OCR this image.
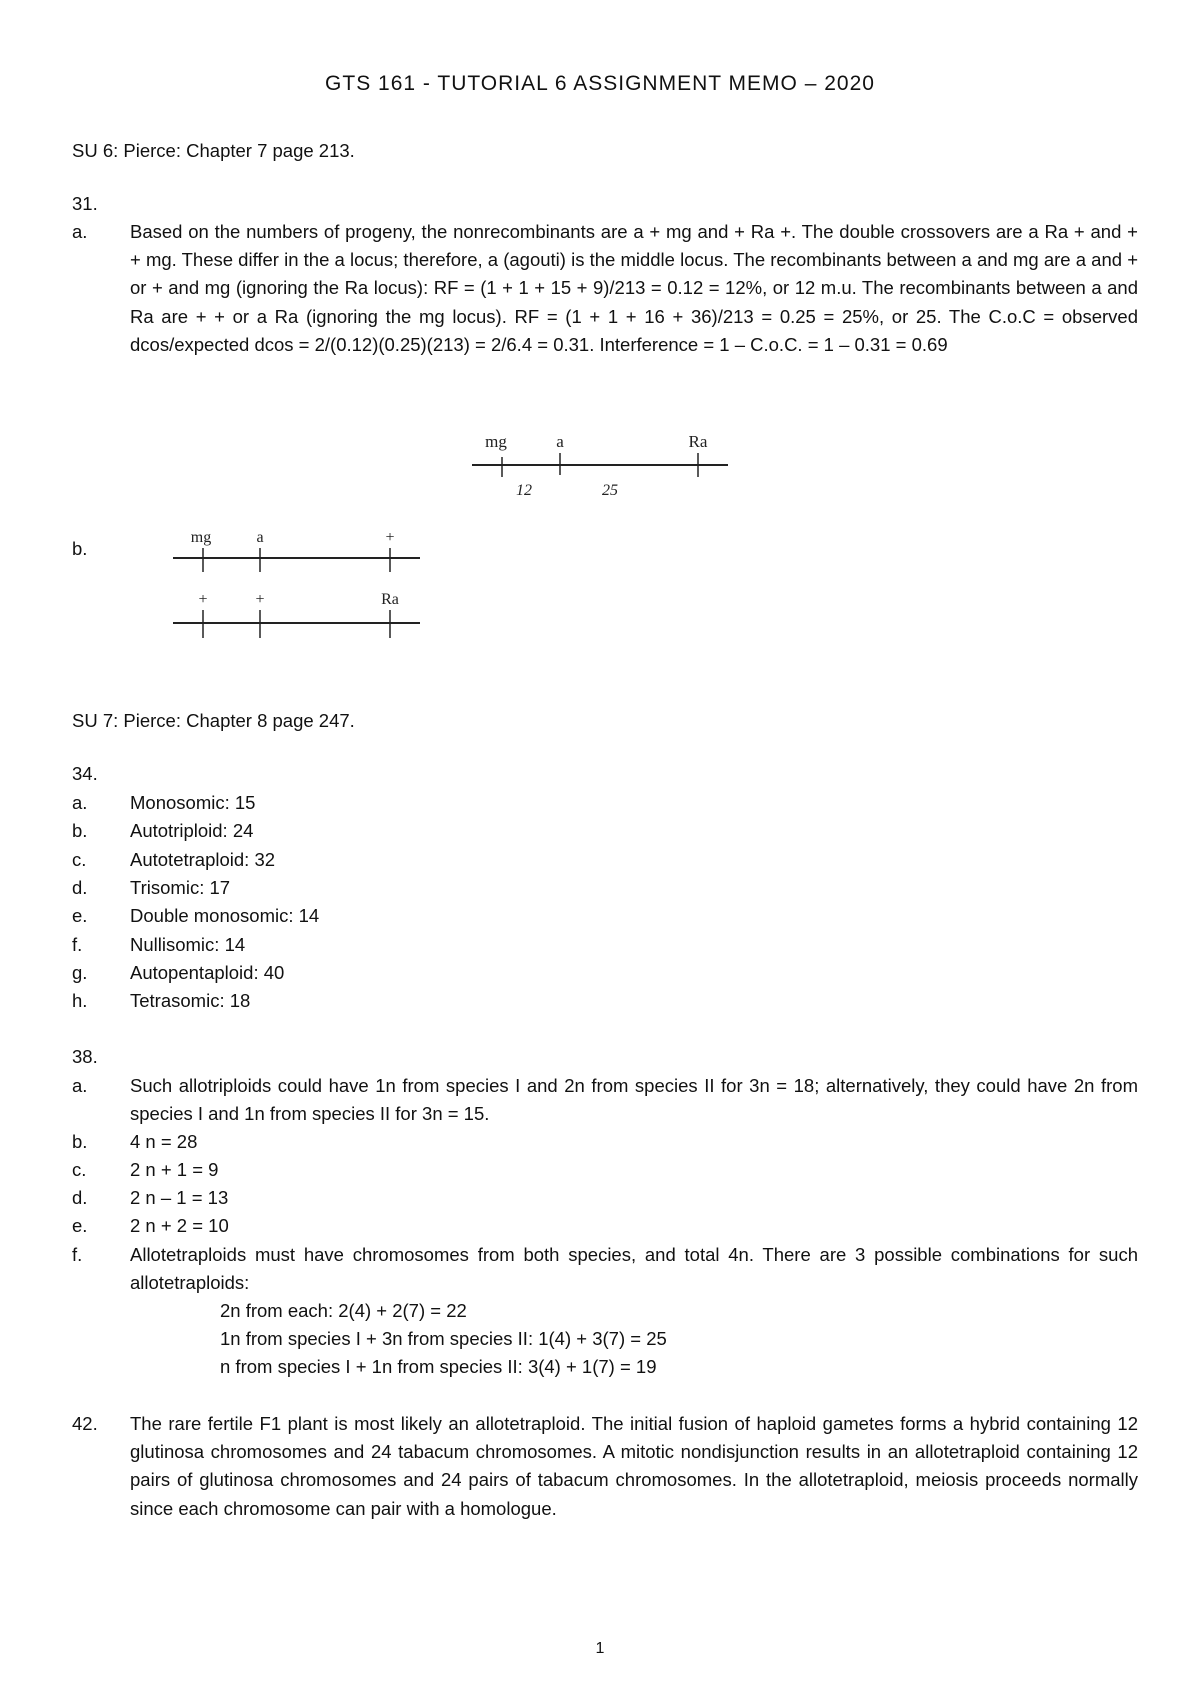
GTS 161 - TUTORIAL 6 ASSIGNMENT MEMO – 2020
SU 6: Pierce: Chapter 7 page 213.
31.
a. Based on the numbers of progeny, the nonrecombinants are a + mg and + Ra +. The double crossovers are a Ra + and + + mg. These differ in the a locus; therefore, a (agouti) is the middle locus. The recombinants between a and mg are a and + or + and mg (ignoring the Ra locus): RF = (1 + 1 + 15 + 9)/213 = 0.12 = 12%, or 12 m.u. The recombinants between a and Ra are + + or a Ra (ignoring the mg locus). RF = (1 + 1 + 16 + 36)/213 = 0.25 = 25%, or 25. The C.o.C = observed dcos/expected dcos = 2/(0.12)(0.25)(213) = 2/6.4 = 0.31. Interference = 1 – C.o.C. = 1 – 0.31 = 0.69
mg	a	Ra
12	25
b.
mg	a	+
+	+	Ra
SU 7: Pierce: Chapter 8 page 247.
34.
a. Monosomic: 15
b. Autotriploid: 24
c. Autotetraploid: 32
d. Trisomic: 17
e. Double monosomic: 14
f.	Nullisomic: 14
g. Autopentaploid: 40
h. Tetrasomic: 18
38.
a. Such allotriploids could have 1n from species I and 2n from species II for 3n = 18; alternatively, they could have 2n from species I and 1n from species II for 3n = 15.
b. 4 n = 28
c. 2 n + 1 = 9
d. 2 n – 1 = 13
e. 2 n + 2 = 10
f.	Allotetraploids must have chromosomes from both species, and total 4n. There are 3 possible combinations for such allotetraploids:
2n from each: 2(4) + 2(7) = 22
1n from species I + 3n from species II: 1(4) + 3(7) = 25
n from species I + 1n from species II: 3(4) + 1(7) = 19
42. The rare fertile F1 plant is most likely an allotetraploid. The initial fusion of haploid gametes forms a hybrid containing 12 glutinosa chromosomes and 24 tabacum chromosomes. A mitotic nondisjunction results in an allotetraploid containing 12 pairs of glutinosa chromosomes and 24 pairs of tabacum chromosomes. In the allotetraploid, meiosis proceeds normally since each chromosome can pair with a homologue.
1
